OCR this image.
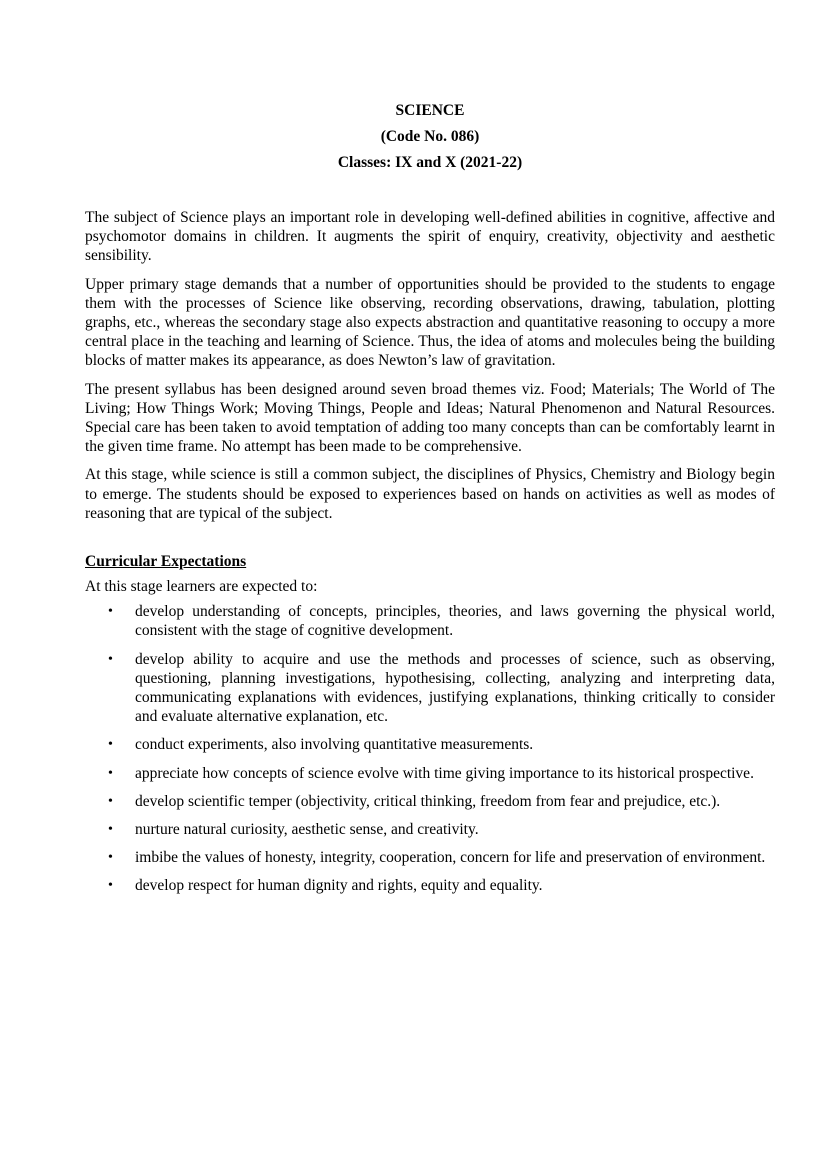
SCIENCE
(Code No. 086)
Classes: IX and X (2021-22)

The subject of Science plays an important role in developing well-defined abilities in cognitive, affective and psychomotor domains in children. It augments the spirit of enquiry, creativity, objectivity and aesthetic sensibility.

Upper primary stage demands that a number of opportunities should be provided to the students to engage them with the processes of Science like observing, recording observations, drawing, tabulation, plotting graphs, etc., whereas the secondary stage also expects abstraction and quantitative reasoning to occupy a more central place in the teaching and learning of Science. Thus, the idea of atoms and molecules being the building blocks of matter makes its appearance, as does Newton’s law of gravitation.

The present syllabus has been designed around seven broad themes viz. Food; Materials; The World of The Living; How Things Work; Moving Things, People and Ideas; Natural Phenomenon and Natural Resources. Special care has been taken to avoid temptation of adding too many concepts than can be comfortably learnt in the given time frame. No attempt has been made to be comprehensive.

At this stage, while science is still a common subject, the disciplines of Physics, Chemistry and Biology begin to emerge. The students should be exposed to experiences based on hands on activities as well as modes of reasoning that are typical of the subject.

Curricular Expectations
At this stage learners are expected to:
• develop understanding of concepts, principles, theories, and laws governing the physical world, consistent with the stage of cognitive development.
• develop ability to acquire and use the methods and processes of science, such as observing, questioning, planning investigations, hypothesising, collecting, analyzing and interpreting data, communicating explanations with evidences, justifying explanations, thinking critically to consider and evaluate alternative explanation, etc.
• conduct experiments, also involving quantitative measurements.
• appreciate how concepts of science evolve with time giving importance to its historical prospective.
• develop scientific temper (objectivity, critical thinking, freedom from fear and prejudice, etc.).
• nurture natural curiosity, aesthetic sense, and creativity.
• imbibe the values of honesty, integrity, cooperation, concern for life and preservation of environment.
• develop respect for human dignity and rights, equity and equality.
